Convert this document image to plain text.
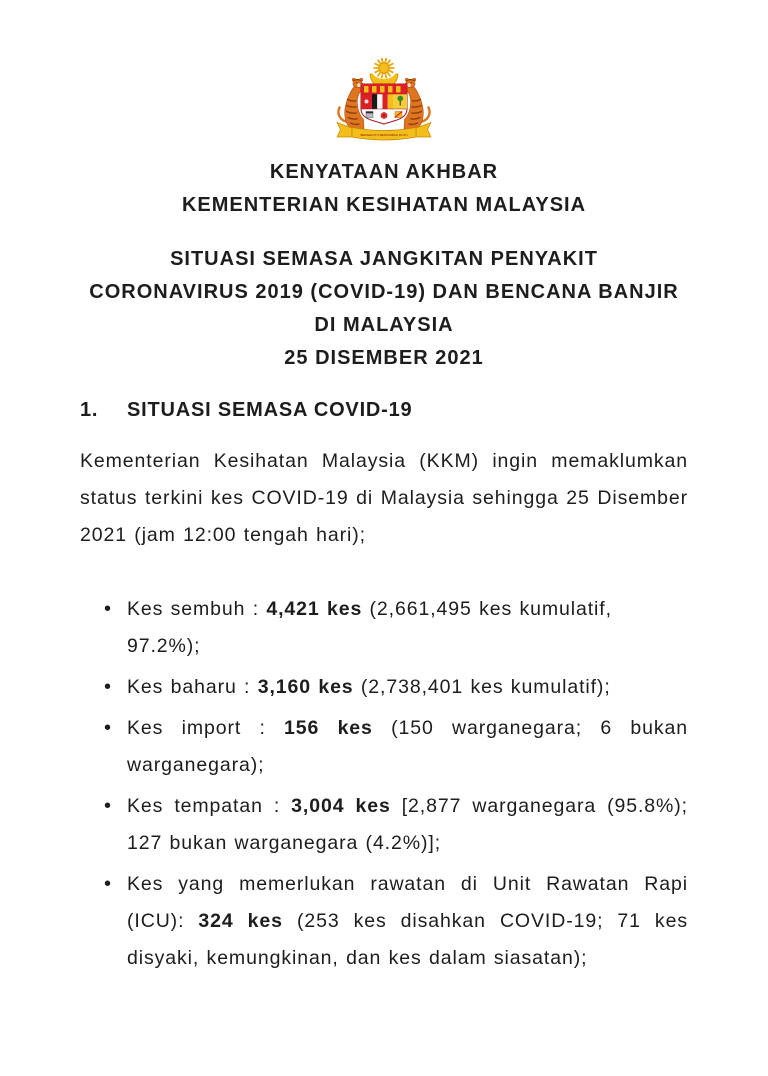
BERSEKUTU BERTAMBAH MUTU
KENYATAAN AKHBAR
KEMENTERIAN KESIHATAN MALAYSIA
SITUASI SEMASA JANGKITAN PENYAKIT
CORONAVIRUS 2019 (COVID-19) DAN BENCANA BANJIR
DI MALAYSIA
25 DISEMBER 2021
1.	SITUASI SEMASA COVID-19
Kementerian Kesihatan Malaysia (KKM) ingin memaklumkan
status terkini kes COVID-19 di Malaysia sehingga 25 Disember
2021 (jam 12:00 tengah hari);
• Kes sembuh : 4,421 kes (2,661,495 kes kumulatif, 97.2%);
• Kes baharu : 3,160 kes (2,738,401 kes kumulatif);
• Kes import : 156 kes (150 warganegara; 6 bukan
warganegara);
• Kes tempatan : 3,004 kes [2,877 warganegara (95.8%);
127 bukan warganegara (4.2%)];
• Kes yang memerlukan rawatan di Unit Rawatan Rapi
(ICU): 324 kes (253 kes disahkan COVID-19; 71 kes
disyaki, kemungkinan, dan kes dalam siasatan);
